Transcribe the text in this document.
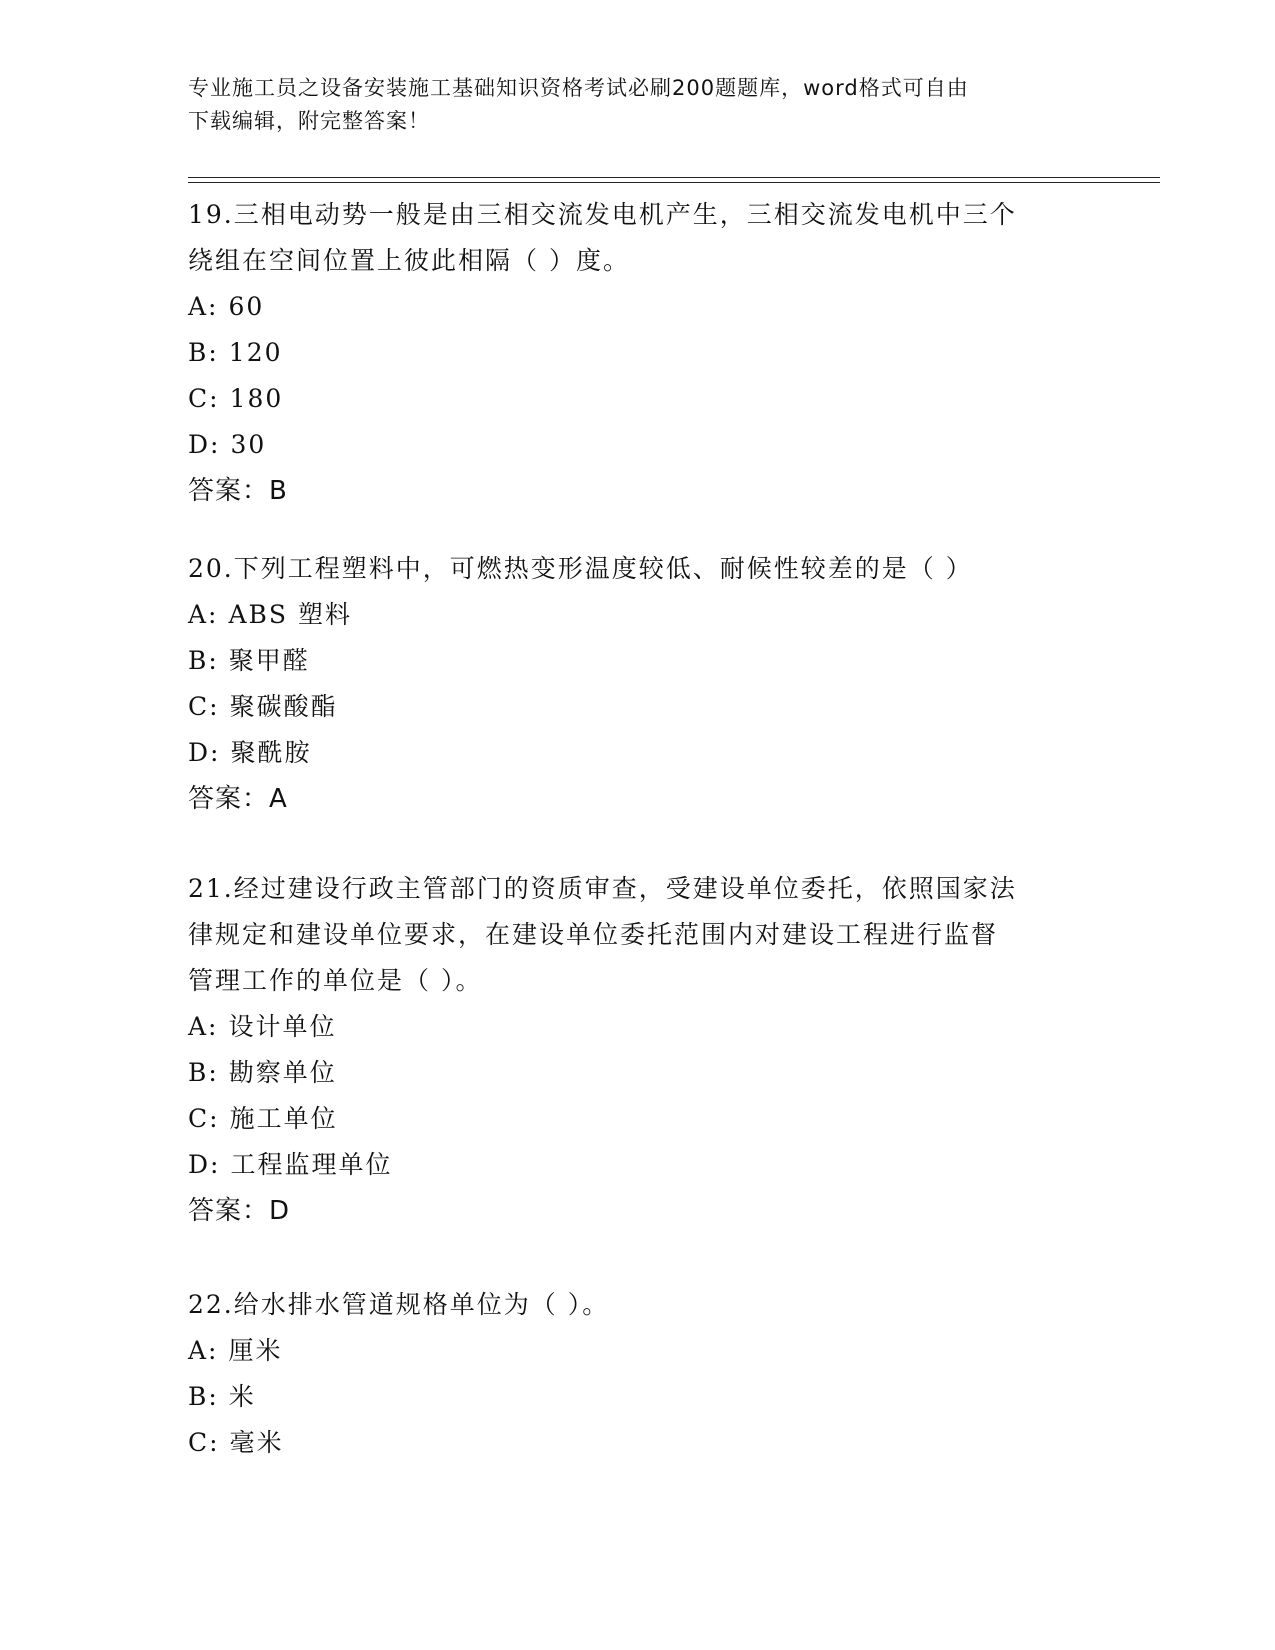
专业施工员之设备安装施工基础知识资格考试必刷200题题库，word格式可自由
下载编辑，附完整答案！

19.三相电动势一般是由三相交流发电机产生，三相交流发电机中三个

绕组在空间位置上彼此相隔（ ）度。

A: 60

B: 120

C: 180

D: 30

答案：B

20.下列工程塑料中，可燃热变形温度较低、耐候性较差的是（ ）

A: ABS 塑料

B: 聚甲醛

C: 聚碳酸酯

D: 聚酰胺

答案：A

21.经过建设行政主管部门的资质审查，受建设单位委托，依照国家法

律规定和建设单位要求，在建设单位委托范围内对建设工程进行监督

管理工作的单位是（ ）。

A: 设计单位

B: 勘察单位

C: 施工单位

D: 工程监理单位

答案：D

22.给水排水管道规格单位为（ ）。

A: 厘米

B: 米

C: 毫米
